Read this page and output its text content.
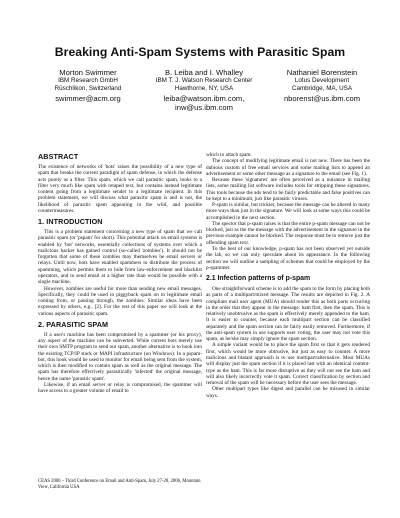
Breaking Anti-Spam Systems with Parasitic Spam
Morton Swimmer
IBM Research GmbH
Rüschlikon, Switzerland
swimmer@acm.org
B. Leiba and I. Whalley
IBM T. J. Watson Research Center
Hawthorne, NY, USA
leiba@watson.ibm.com, inw@us.ibm.com
Nathaniel Borenstein
Lotus Development
Cambridge, MA, USA
nborenst@us.ibm.com
ABSTRACT

The existence of networks of 'bots' raises the possibility of a new type of spam that breaks the current paradigm of spam defense, in which the defense acts purely as a filter. This spam, which we call parasitic spam, looks to a filter very much like spam with retaped text, but contains instead legitimate content going from a legitimate sender to a legitimate recipient. In this problem statement, we will discuss what parasitic spam is and is not, the likelihood of parasitic spam appearing in the wild, and possible countermeasures.

1. INTRODUCTION

This is a problem statement concerning a new type of spam that we call parasitic spam (or 'pspam' for short). This potential attack on email systems is enabled by 'bot' networks, essentially collections of systems over which a malicious hacker has gained control (so-called 'zombies'). It should not be forgotten that some of these zombies may themselves be email servers or relays. Until now, bots have enabled spammers to distribute the process of spamming, which permits them to hide from law-enforcement and blacklist operators, and to send email at a higher rate than would be possible with a single machine.

However, zombies are useful for more than sending new email messages. Specifically, they could be used to piggyback spam on to legitimate email coming from, or passing through, the zombies. Similar ideas have been expressed by others, e.g., [2]. For the rest of this paper we will look at the various aspects of parasitic spam.

2. PARASITIC SPAM

If a user's machine has been compromised by a spammer (or his proxy), any aspect of the machine can be subverted. While current bots merely use their own SMTP program to send out spam, another alternative is to hook into the existing TCP/IP stack or MAPI infrastructure (on Windows). In a pspam-bot, this hook would be used to monitor for email being sent from the system, which is then modified to contain spam as well as the original message. The spam has therefore effectively parasitically 'infected' the original message, hence the name 'parasitic spam'.

Likewise, if an email server or relay is compromised, the spammer will have access to a greater volume of email to

CEAS 2006 – Third Conference on Email and Anti-Spam, July 27-28, 2006, Mountain View, California USA

which to attach spam.

The concept of modifying legitimate email is not new. There has been the dubious custom of free email services and some mailing lists to append an advertisement or some other message as a signature to the email (see Fig. 1).

Because these 'signatures' are often perceived as a nuisance in mailing lists, some mailing list software includes tools for stripping these signatures. This tools because the ads tend to be fairly predictable and false positives can be kept to a minimum, just like parasitic viruses.

P-spam is similar, but trickier, because the message can be altered in many more ways than just in the signature. We will look at some ways this could be accomplished in the next section.

The spector that p-spam raises is that the entire p-spam message can not be blocked, just as the the message with the advertisement in the signature in the previous example cannot be blocked. The response must be to remove just the offending spam text.

To the best of our knowledge, p-spam has not been observed yet outside the lab, so we can only speculate about its appearance. In the following section we will outline a sampling of schemes that could be employed by the p-spammer.

2.1 Infection patterns of p-spam

One straightforward scheme is to add the spam to the form by placing both as parts of a multipart/mixed message. The results are depicted in Fig. 2. A compliant mail user agent (MUA) should render this as both parts occurring in the order that they appear in the message: ham first, then the spam. This is relatively unobtrusive as the spam is effectively merely appended to the ham. It is easier to counter, because each multipart section can be classified separately and the spam section can be fairly easily removed. Furthermore, if the anti-spam system in use supports user voting, the user may not vote this spam, as he/she may simply ignore the spam section.

A simple variant would be to place the spam first so that it gets rendered first, which would be more obtrusive, but just as easy to counter. A more malicious and blatant approach is to use multipart/alternative. Most MUAs will display just the spam section if it is placed last with an identical content-type as the ham. This is far more disruptive as they will not see the ham and will also likely incorrectly vote it spam. Correct classification by section and removal of the spam will be necessary before the user sees the message.

Other multipart types like digest and parallel can be misused in similar ways.
